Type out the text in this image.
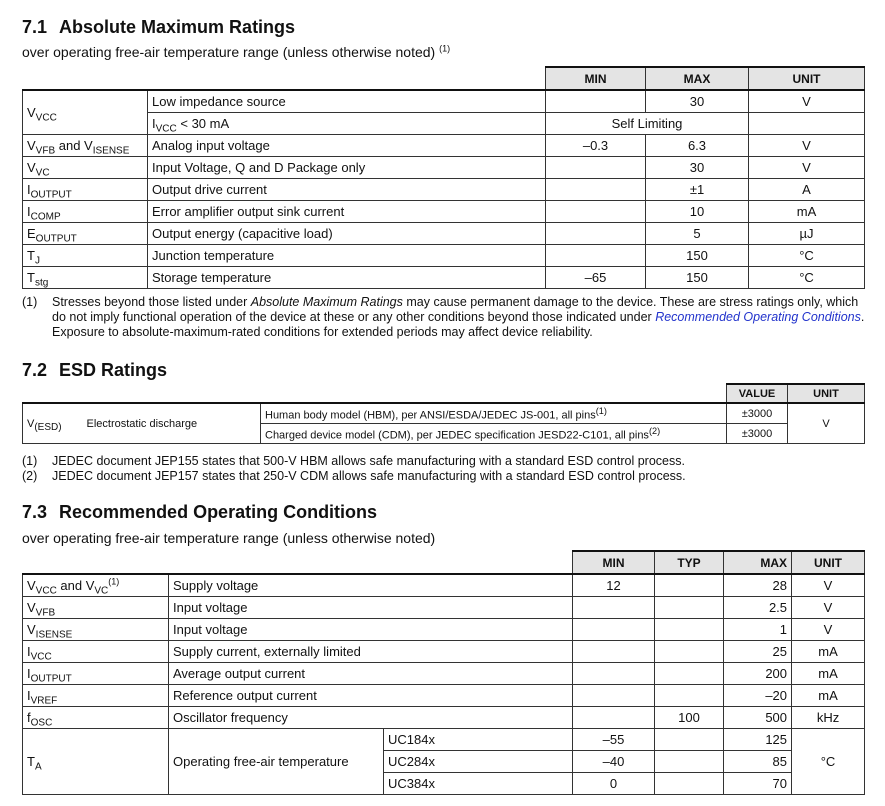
7.1 Absolute Maximum Ratings
over operating free-air temperature range (unless otherwise noted) $^{(1)}$
		MIN	MAX	UNIT
$V_{VCC}$	Low impedance source		30	V
	$I_{VCC} < 30$ mA	Self Limiting		
$V_{VFB}$ and $V_{ISENSE}$	Analog input voltage	–0.3	6.3	V
$V_{VC}$	Input Voltage, Q and D Package only		30	V
$I_{OUTPUT}$	Output drive current		±1	A
$I_{COMP}$	Error amplifier output sink current		10	mA
$E_{OUTPUT}$	Output energy (capacitive load)		5	µJ
$T_J$	Junction temperature		150	°C
$T_{stg}$	Storage temperature	–65	150	°C
(1)	Stresses beyond those listed under Absolute Maximum Ratings may cause permanent damage to the device. These are stress ratings only, which do not imply functional operation of the device at these or any other conditions beyond those indicated under Recommended Operating Conditions. Exposure to absolute-maximum-rated conditions for extended periods may affect device reliability.
7.2 ESD Ratings
			VALUE	UNIT
$V_{(ESD)}$	Electrostatic discharge	Human body model (HBM), per ANSI/ESDA/JEDEC JS-001, all pins$^{(1)}$	±3000	V
		Charged device model (CDM), per JEDEC specification JESD22-C101, all pins$^{(2)}$	±3000	
(1)	JEDEC document JEP155 states that 500-V HBM allows safe manufacturing with a standard ESD control process.
(2)	JEDEC document JEP157 states that 250-V CDM allows safe manufacturing with a standard ESD control process.
7.3 Recommended Operating Conditions
over operating free-air temperature range (unless otherwise noted)
			MIN	TYP	MAX	UNIT
$V_{VCC}$ and $V_{VC}^{(1)}$	Supply voltage		12		28	V
$V_{VFB}$	Input voltage				2.5	V
$V_{ISENSE}$	Input voltage				1	V
$I_{VCC}$	Supply current, externally limited				25	mA
$I_{OUTPUT}$	Average output current				200	mA
$I_{VREF}$	Reference output current				–20	mA
$f_{OSC}$	Oscillator frequency			100	500	kHz
$T_A$	Operating free-air temperature	UC184x	–55		125	°C
		UC284x	–40		85	
		UC384x	0		70	
